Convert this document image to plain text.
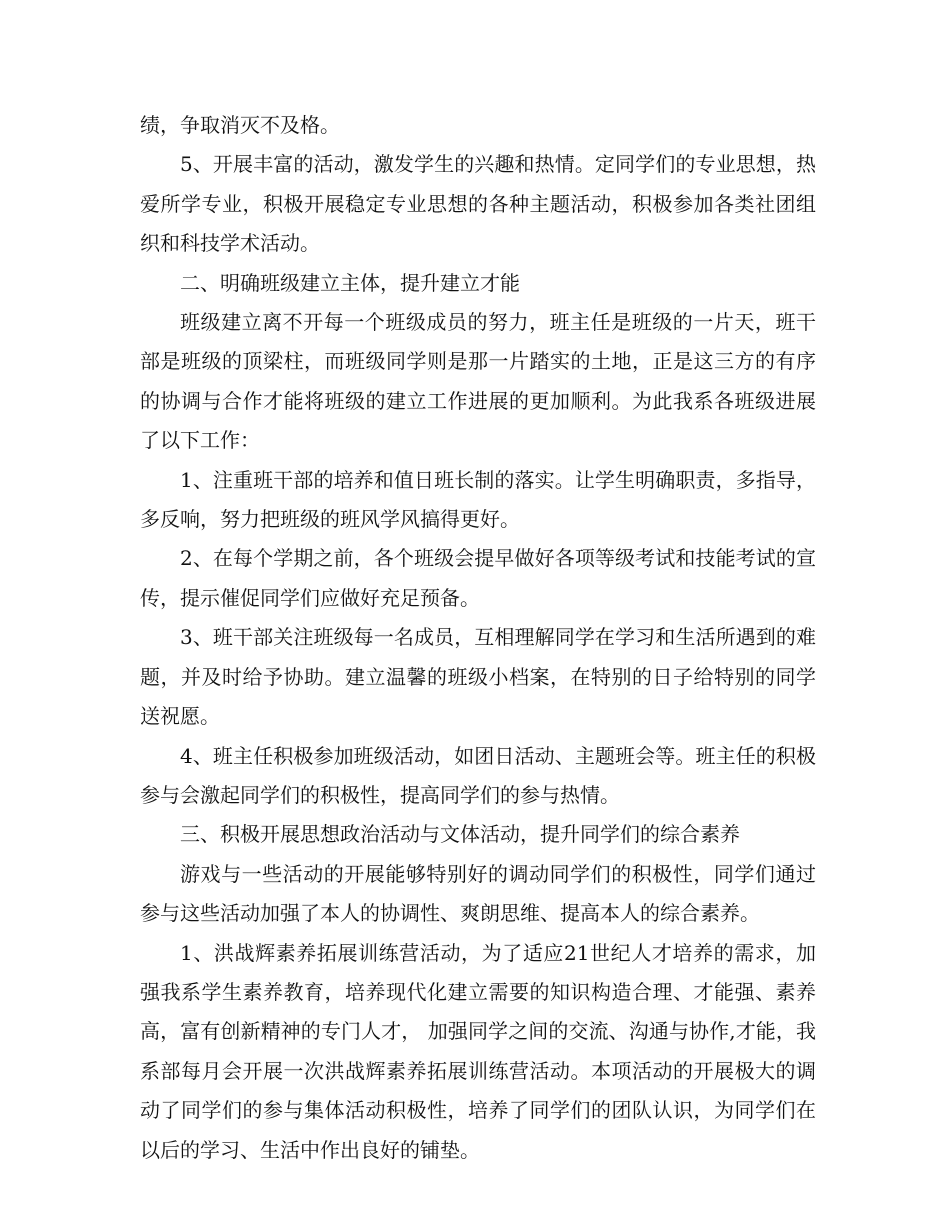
绩，争取消灭不及格。

5、开展丰富的活动，激发学生的兴趣和热情。定同学们的专业思想，热爱所学专业，积极开展稳定专业思想的各种主题活动，积极参加各类社团组织和科技学术活动。

二、明确班级建立主体，提升建立才能

班级建立离不开每一个班级成员的努力，班主任是班级的一片天，班干部是班级的顶梁柱，而班级同学则是那一片踏实的土地，正是这三方的有序的协调与合作才能将班级的建立工作进展的更加顺利。为此我系各班级进展了以下工作：

1、注重班干部的培养和值日班长制的落实。让学生明确职责，多指导，多反响，努力把班级的班风学风搞得更好。

2、在每个学期之前，各个班级会提早做好各项等级考试和技能考试的宣传，提示催促同学们应做好充足预备。

3、班干部关注班级每一名成员，互相理解同学在学习和生活所遇到的难题，并及时给予协助。建立温馨的班级小档案，在特别的日子给特别的同学送祝愿。

4、班主任积极参加班级活动，如团日活动、主题班会等。班主任的积极参与会激起同学们的积极性，提高同学们的参与热情。

三、积极开展思想政治活动与文体活动，提升同学们的综合素养

游戏与一些活动的开展能够特别好的调动同学们的积极性，同学们通过参与这些活动加强了本人的协调性、爽朗思维、提高本人的综合素养。

1、洪战辉素养拓展训练营活动，为了适应21世纪人才培养的需求，加强我系学生素养教育，培养现代化建立需要的知识构造合理、才能强、素养高，富有创新精神的专门人才， 加强同学之间的交流、沟通与协作,才能，我系部每月会开展一次洪战辉素养拓展训练营活动。本项活动的开展极大的调动了同学们的参与集体活动积极性，培养了同学们的团队认识，为同学们在以后的学习、生活中作出良好的铺垫。
